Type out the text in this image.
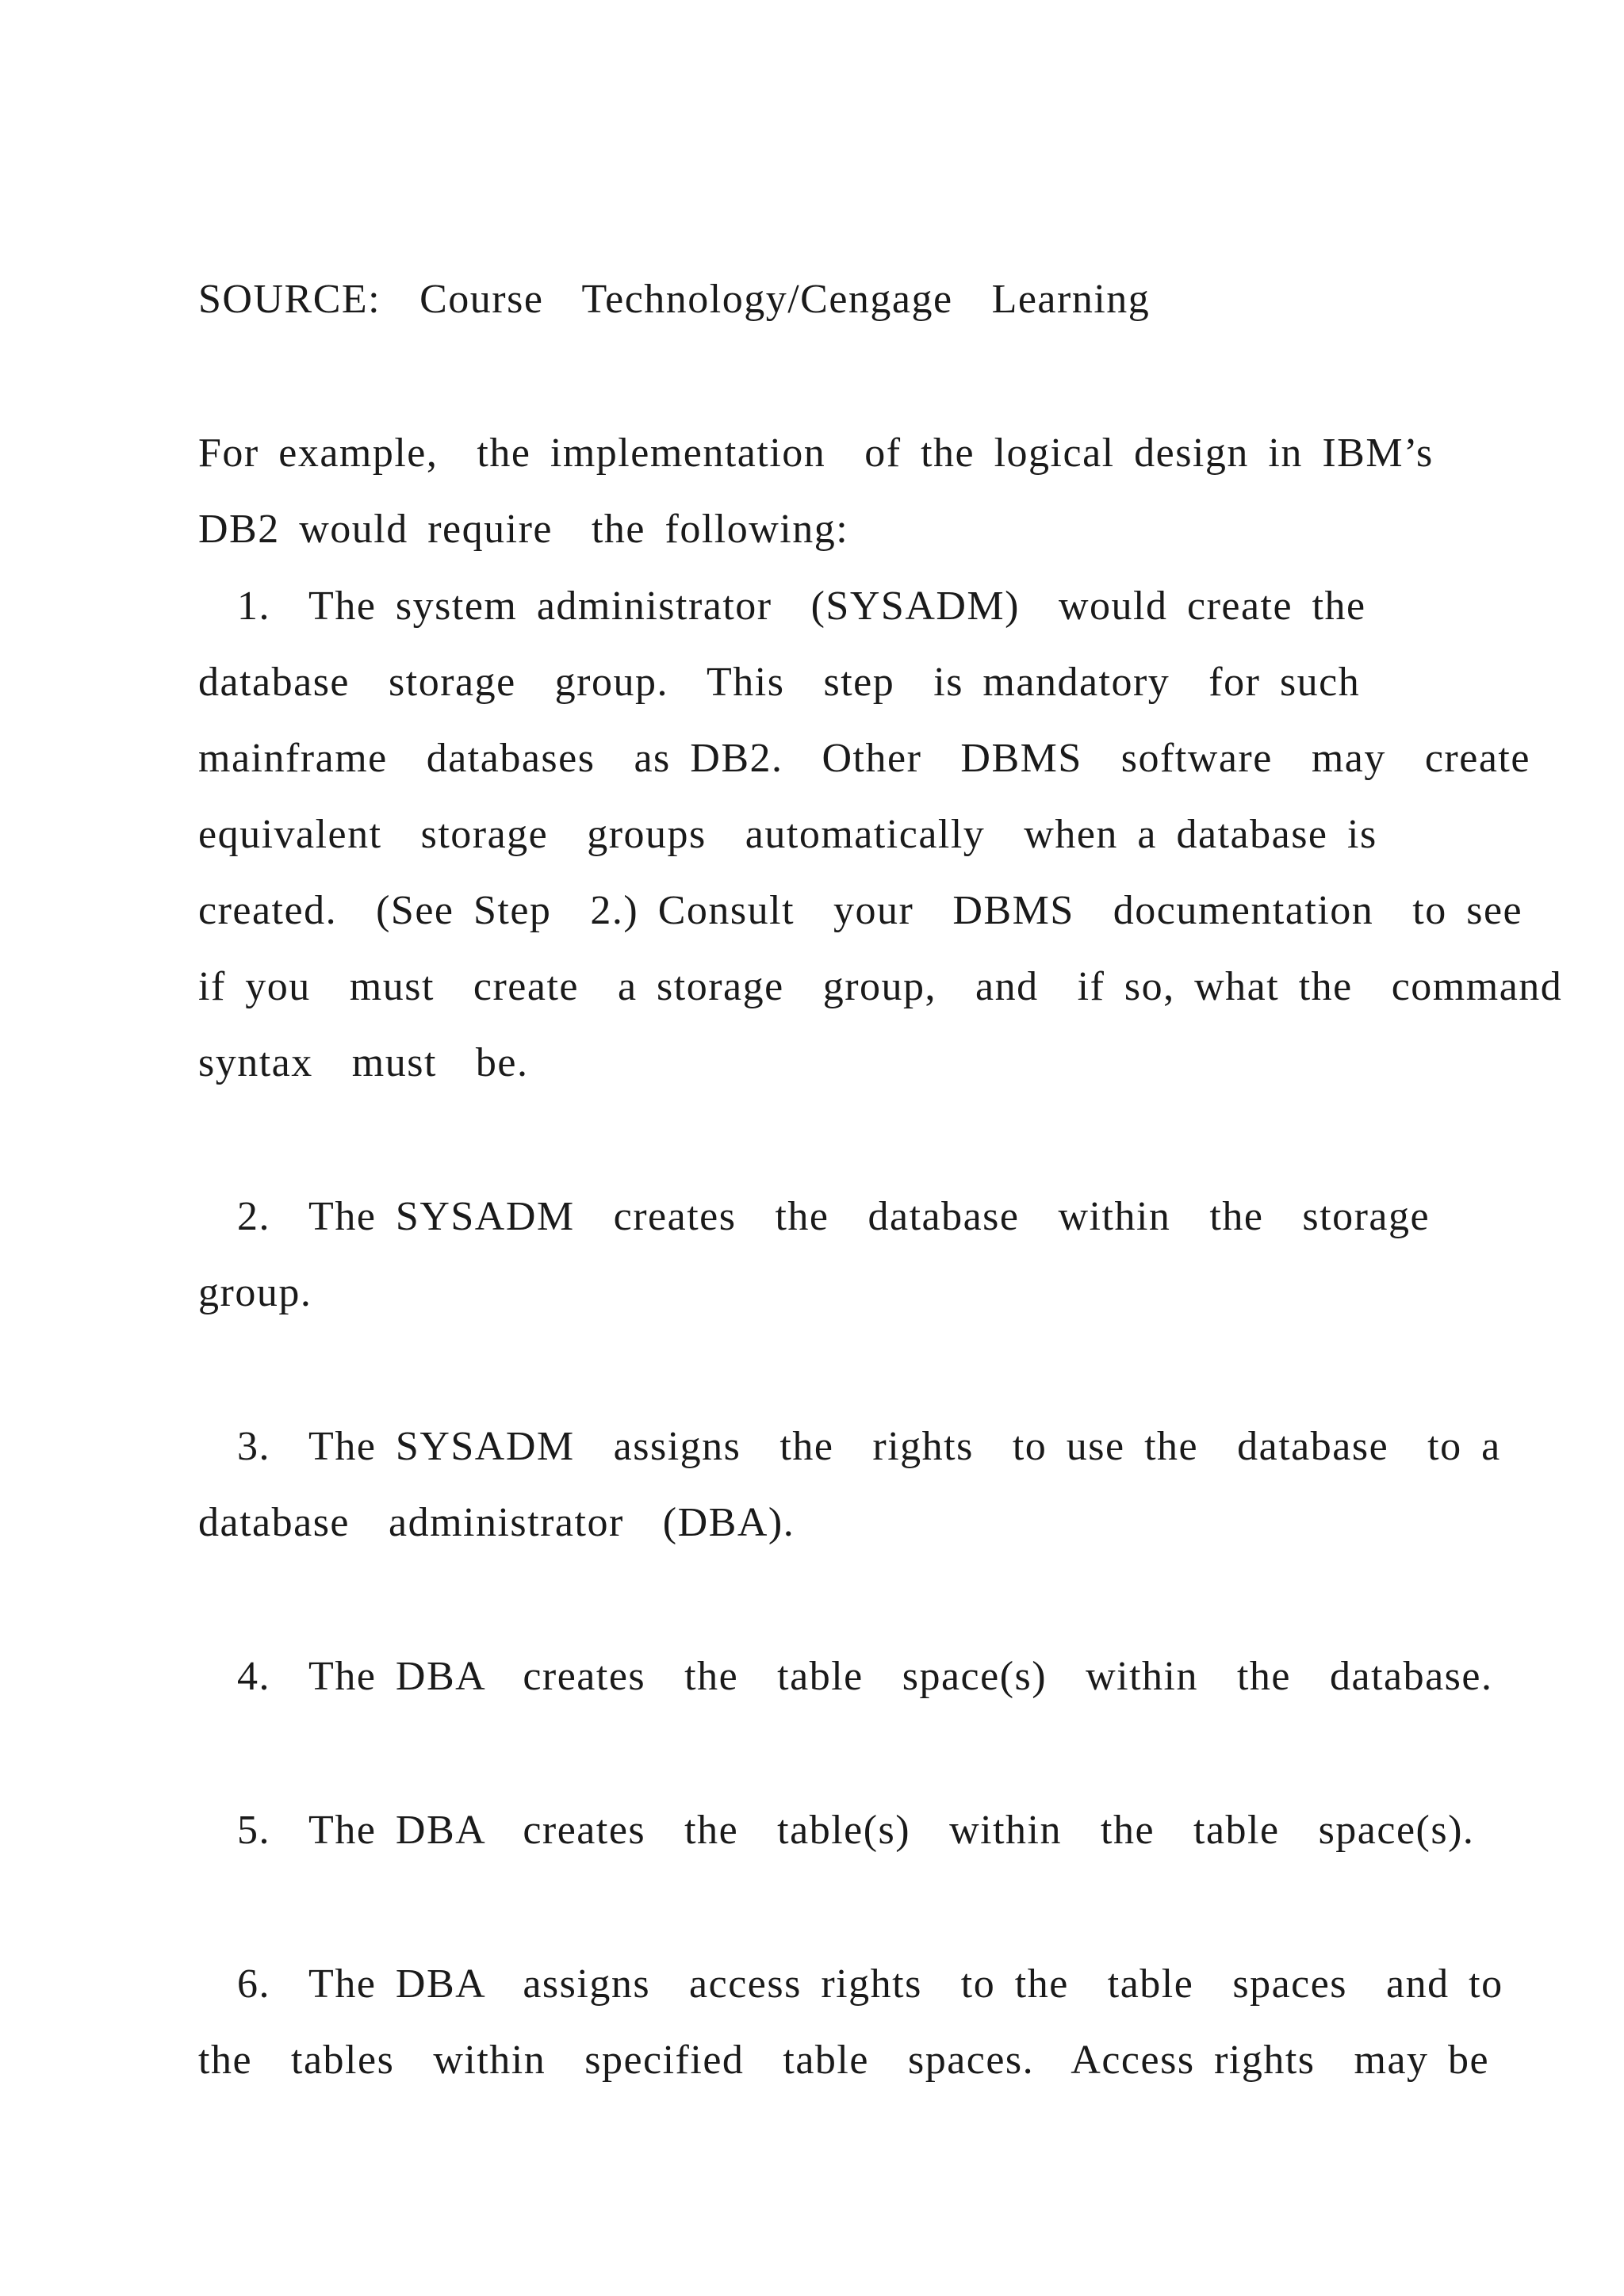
SOURCE:  Course  Technology/Cengage  Learning
For example,  the implementation  of the logical design in IBM’s
DB2 would require  the following:
1.  The system administrator  (SYSADM)  would create the
database  storage  group.  This  step  is mandatory  for such
mainframe  databases  as DB2.  Other  DBMS  software  may  create
equivalent  storage  groups  automatically  when a database is
created.  (See Step  2.) Consult  your  DBMS  documentation  to see
if you  must  create  a storage  group,  and  if so, what the  command
syntax  must  be.
2.  The SYSADM  creates  the  database  within  the  storage
group.
3.  The SYSADM  assigns  the  rights  to use the  database  to a
database  administrator  (DBA).
4.  The DBA  creates  the  table  space(s)  within  the  database.
5.  The DBA  creates  the  table(s)  within  the  table  space(s).
6.  The DBA  assigns  access rights  to the  table  spaces  and to
the  tables  within  specified  table  spaces.  Access rights  may be
